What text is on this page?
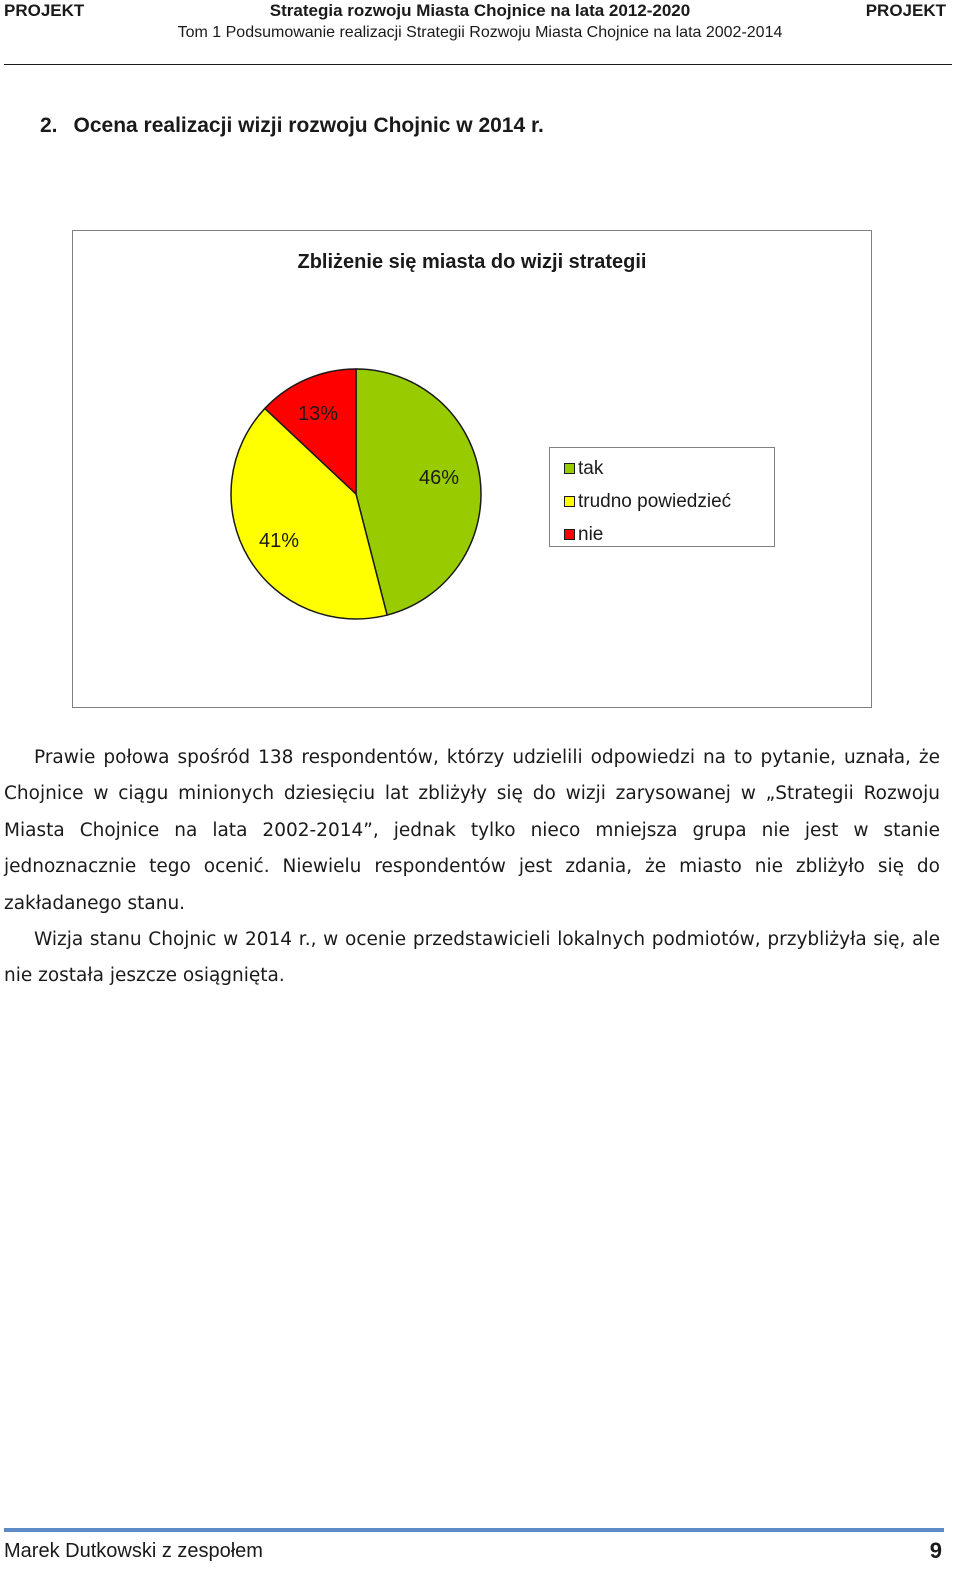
PROJEKT	Strategia rozwoju Miasta Chojnice na lata 2012-2020	PROJEKT
Tom 1 Podsumowanie realizacji Strategii Rozwoju Miasta Chojnice na lata 2002-2014
2. Ocena realizacji wizji rozwoju Chojnic w 2014 r.
Zbliżenie się miasta do wizji strategii
46%
41%
13%
tak
trudno powiedzieć
nie

Prawie połowa spośród 138 respondentów, którzy udzielili odpowiedzi na to pytanie, uznała, że Chojnice w ciągu minionych dziesięciu lat zbliżyły się do wizji zarysowanej w „Strategii Rozwoju Miasta Chojnice na lata 2002-2014”, jednak tylko nieco mniejsza grupa nie jest w stanie jednoznacznie tego ocenić. Niewielu respondentów jest zdania, że miasto nie zbliżyło się do zakładanego stanu.

Wizja stanu Chojnic w 2014 r., w ocenie przedstawicieli lokalnych podmiotów, przybliżyła się, ale nie została jeszcze osiągnięta.

Marek Dutkowski z zespołem	9
